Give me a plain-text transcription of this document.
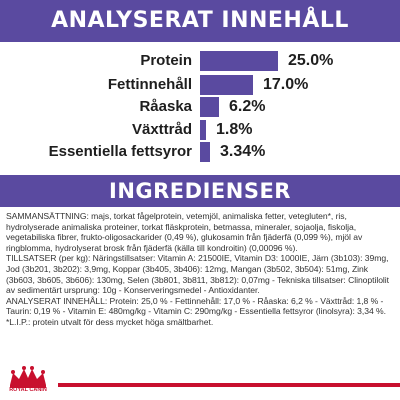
ANALYSERAT INNEHÅLL
Protein	25.0%
Fettinnehåll	17.0%
Råaska 6.2%
Växttråd 1.8%
Essentiella fettsyror 3.34%
INGREDIENSER

SAMMANSÄTTNING: majs, torkat fågelprotein, vetemjöl, animaliska fetter, vetegluten*, ris, hydrolyserade animaliska proteiner, torkat fläskprotein, betmassa, mineraler, sojaolja, fiskolja, vegetabiliska fibrer, frukto-oligosackarider (0,49 %), glukosamin från fjäderfä (0,099 %), mjöl av ringblomma, hydrolyserat brosk från fjäderfä (källa till kondroitin) (0,00096 %).

TILLSATSER (per kg): Näringstillsatser: Vitamin A: 21500IE, Vitamin D3: 1000IE, Järn (3b103): 39mg, Jod (3b201, 3b202): 3,9mg, Koppar (3b405, 3b406): 12mg, Mangan (3b502, 3b504): 51mg, Zink (3b603, 3b605, 3b606): 130mg, Selen (3b801, 3b811, 3b812): 0,07mg - Tekniska tillsatser: Clinoptilolit av sedimentärt ursprung: 10g - Konserveringsmedel - Antioxidanter.

ANALYSERAT INNEHÅLL: Protein: 25,0 % - Fettinnehåll: 17,0 % - Råaska: 6,2 % - Växttråd: 1,8 % - Taurin: 0,19 % - Vitamin E: 480mg/kg - Vitamin C: 290mg/kg - Essentiella fettsyror (linolsyra): 3,34 %.

*L.I.P.: protein utvalt för dess mycket höga smältbarhet.

ROYAL CANIN
